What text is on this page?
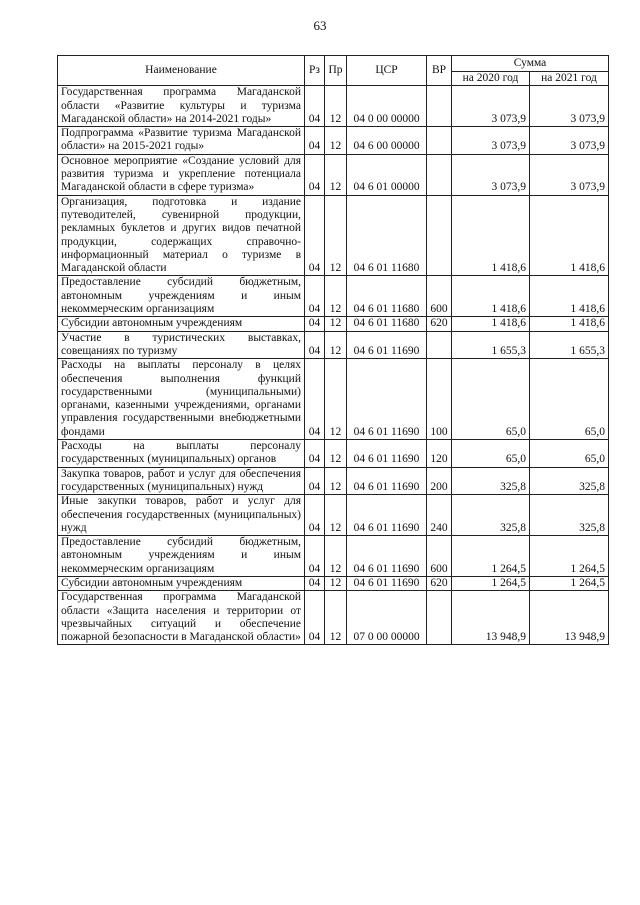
63
Наименование	Рз	Пр	ЦСР	ВР	Сумма	
					на 2020 год	на 2021 год
Государственная программа Магаданской области «Развитие культуры и туризма Магаданской области» на 2014-2021 годы»	04	12	04 0 00 00000		3 073,9	3 073,9
Подпрограмма «Развитие туризма Магаданской области» на 2015-2021 годы»	04	12	04 6 00 00000		3 073,9	3 073,9
Основное мероприятие «Создание условий для развития туризма и укрепление потенциала Магаданской области в сфере туризма»	04	12	04 6 01 00000		3 073,9	3 073,9
Организация, подготовка и издание путеводителей, сувенирной продукции, рекламных буклетов и других видов печатной продукции, содержащих справочно- информационный материал о туризме в Магаданской области	04	12	04 6 01 11680		1 418,6	1 418,6
Предоставление субсидий бюджетным, автономным учреждениям и иным некоммерческим организациям	04	12	04 6 01 11680	600	1 418,6	1 418,6
Субсидии автономным учреждениям	04	12	04 6 01 11680	620	1 418,6	1 418,6
Участие в туристических выставках, совещаниях по туризму	04	12	04 6 01 11690		1 655,3	1 655,3
Расходы на выплаты персоналу в целях обеспечения выполнения функций государственными (муниципальными) органами, казенными учреждениями, органами управления государственными внебюджетными фондами	04	12	04 6 01 11690	100	65,0	65,0
Расходы на выплаты персоналу государственных (муниципальных) органов	04	12	04 6 01 11690	120	65,0	65,0
Закупка товаров, работ и услуг для обеспечения государственных (муниципальных) нужд	04	12	04 6 01 11690	200	325,8	325,8
Иные закупки товаров, работ и услуг для обеспечения государственных (муниципальных) нужд	04	12	04 6 01 11690	240	325,8	325,8
Предоставление субсидий бюджетным, автономным учреждениям и иным некоммерческим организациям	04	12	04 6 01 11690	600	1 264,5	1 264,5
Субсидии автономным учреждениям	04	12	04 6 01 11690	620	1 264,5	1 264,5
Государственная программа Магаданской области «Защита населения и территории от чрезвычайных ситуаций и обеспечение пожарной безопасности в Магаданской области»	04	12	07 0 00 00000		13 948,9	13 948,9
